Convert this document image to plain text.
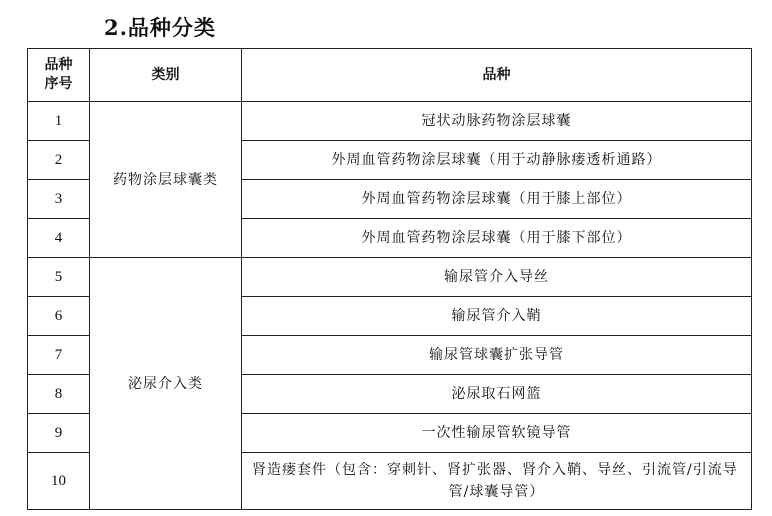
2.品种分类
品种序号	类别	品种
1	药物涂层球囊类	冠状动脉药物涂层球囊
2		外周血管药物涂层球囊（用于动静脉瘘透析通路）
3		外周血管药物涂层球囊（用于膝上部位）
4		外周血管药物涂层球囊（用于膝下部位）
5	泌尿介入类	输尿管介入导丝
6		输尿管介入鞘
7		输尿管球囊扩张导管
8		泌尿取石网篮
9		一次性输尿管软镜导管
10		肾造瘘套件（包含：穿刺针、肾扩张器、肾介入鞘、导丝、引流管/引流导管/球囊导管）
